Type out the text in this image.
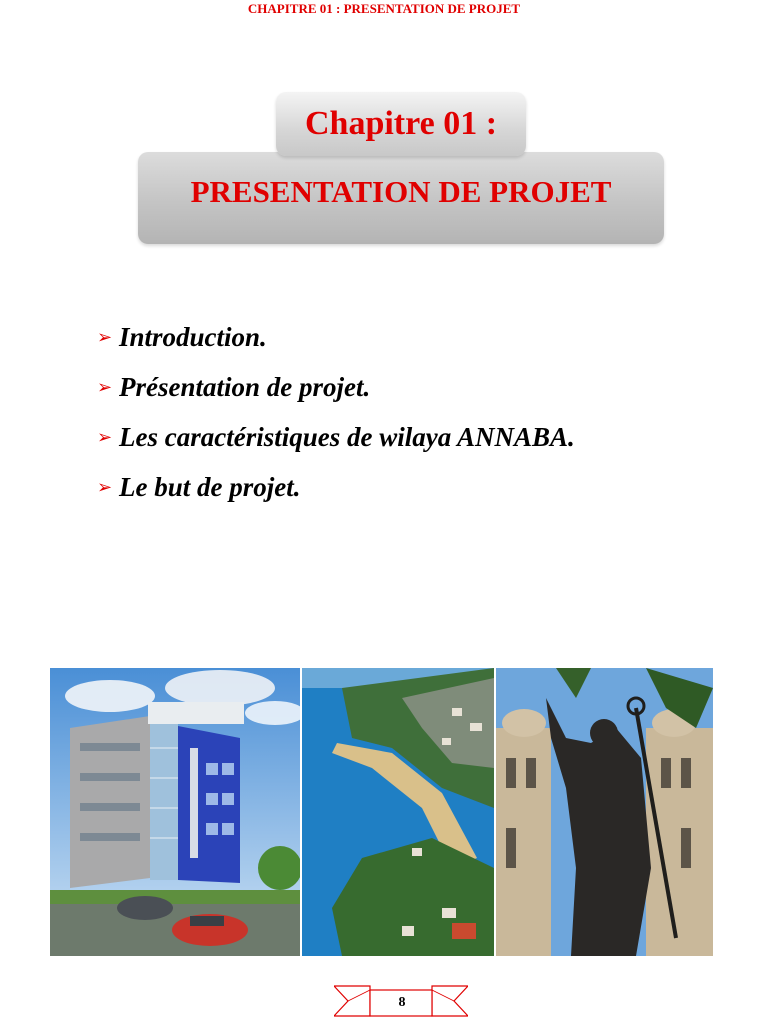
CHAPITRE 01 : PRESENTATION DE PROJET
Chapitre 01 :
PRESENTATION DE PROJET
➢ Introduction.
➢ Présentation de projet.
➢ Les caractéristiques de wilaya ANNABA.
➢ Le but de projet.
8
